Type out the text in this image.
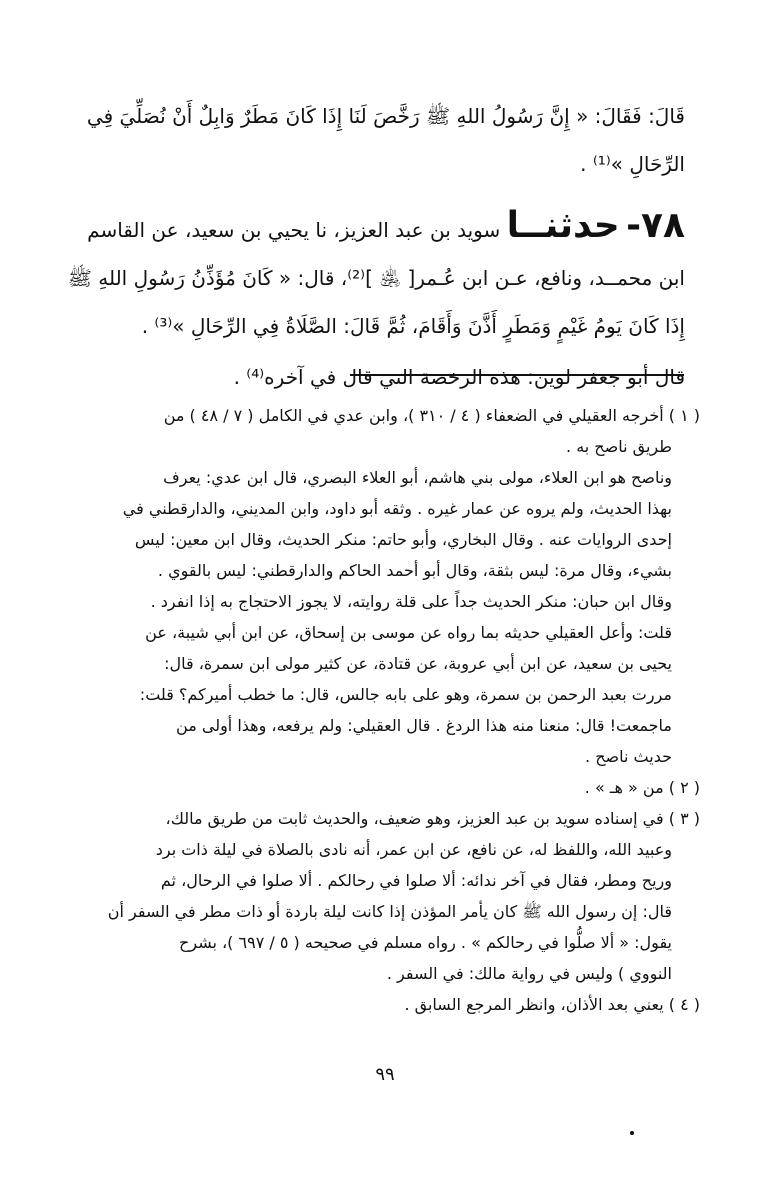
قَالَ: فَقَالَ: « إِنَّ رَسُولُ اللهِ ﷺ رَخَّصَ لَنَا إِذَا كَانَ مَطَرٌ وَابِلٌ أَنْ نُصَلِّيَ فِي
الرِّحَالِ »⁽¹⁾ .
٧٨- حدثنــا سويد بن عبد العزيز، نا يحيي بن سعيد، عن القاسم
ابن محمــد، ونافع، عـن ابن عُـمر[ ﵁ ]⁽²⁾، قال: « كَانَ مُؤَذِّنُ رَسُولِ اللهِ ﷺ
إِذَا كَانَ يَومُ غَيْمٍ وَمَطَرٍ أَذَّنَ وَأَقَامَ، ثُمَّ قَالَ: الصَّلَاةُ فِي الرِّحَالِ »⁽³⁾ .
قال أبو جعفر لوين: هذه الرخصة التي قال في آخره⁽⁴⁾ .
( ١ ) أخرجه العقيلي في الضعفاء ( ٤ / ٣١٠ )، وابن عدي في الكامل ( ٧ / ٤٨ ) من
طريق ناصح به .
وناصح هو ابن العلاء، مولى بني هاشم، أبو العلاء البصري، قال ابن عدي: يعرف
بهذا الحديث، ولم يروه عن عمار غيره . وثقه أبو داود، وابن المديني، والدارقطني في
إحدى الروايات عنه . وقال البخاري، وأبو حاتم: منكر الحديث، وقال ابن معين: ليس
بشيء، وقال مرة: ليس بثقة، وقال أبو أحمد الحاكم والدارقطني: ليس بالقوي .
وقال ابن حبان: منكر الحديث جداً على قلة روايته، لا يجوز الاحتجاج به إذا انفرد .
قلت: وأعل العقيلي حديثه بما رواه عن موسى بن إسحاق، عن ابن أبي شيبة، عن
يحيى بن سعيد، عن ابن أبي عروبة، عن قتادة، عن كثير مولى ابن سمرة، قال:
مررت بعبد الرحمن بن سمرة، وهو على بابه جالس، قال: ما خطب أميركم؟ قلت:
ماجمعت! قال: منعنا منه هذا الردغ . قال العقيلي: ولم يرفعه، وهذا أولى من
حديث ناصح .
( ٢ ) من « هـ » .
( ٣ ) في إسناده سويد بن عبد العزيز، وهو ضعيف، والحديث ثابت من طريق مالك،
وعبيد الله، واللفظ له، عن نافع، عن ابن عمر، أنه نادى بالصلاة في ليلة ذات برد
وريح ومطر، فقال في آخر ندائه: ألا صلوا في رحالكم . ألا صلوا في الرحال، ثم
قال: إن رسول الله ﷺ كان يأمر المؤذن إذا كانت ليلة باردة أو ذات مطر في السفر أن
يقول: « ألا صلُّوا في رحالكم » . رواه مسلم في صحيحه ( ٥ / ٦٩٧ )، بشرح
النووي ) وليس في رواية مالك: في السفر .
( ٤ ) يعني بعد الأذان، وانظر المرجع السابق .
٩٩
